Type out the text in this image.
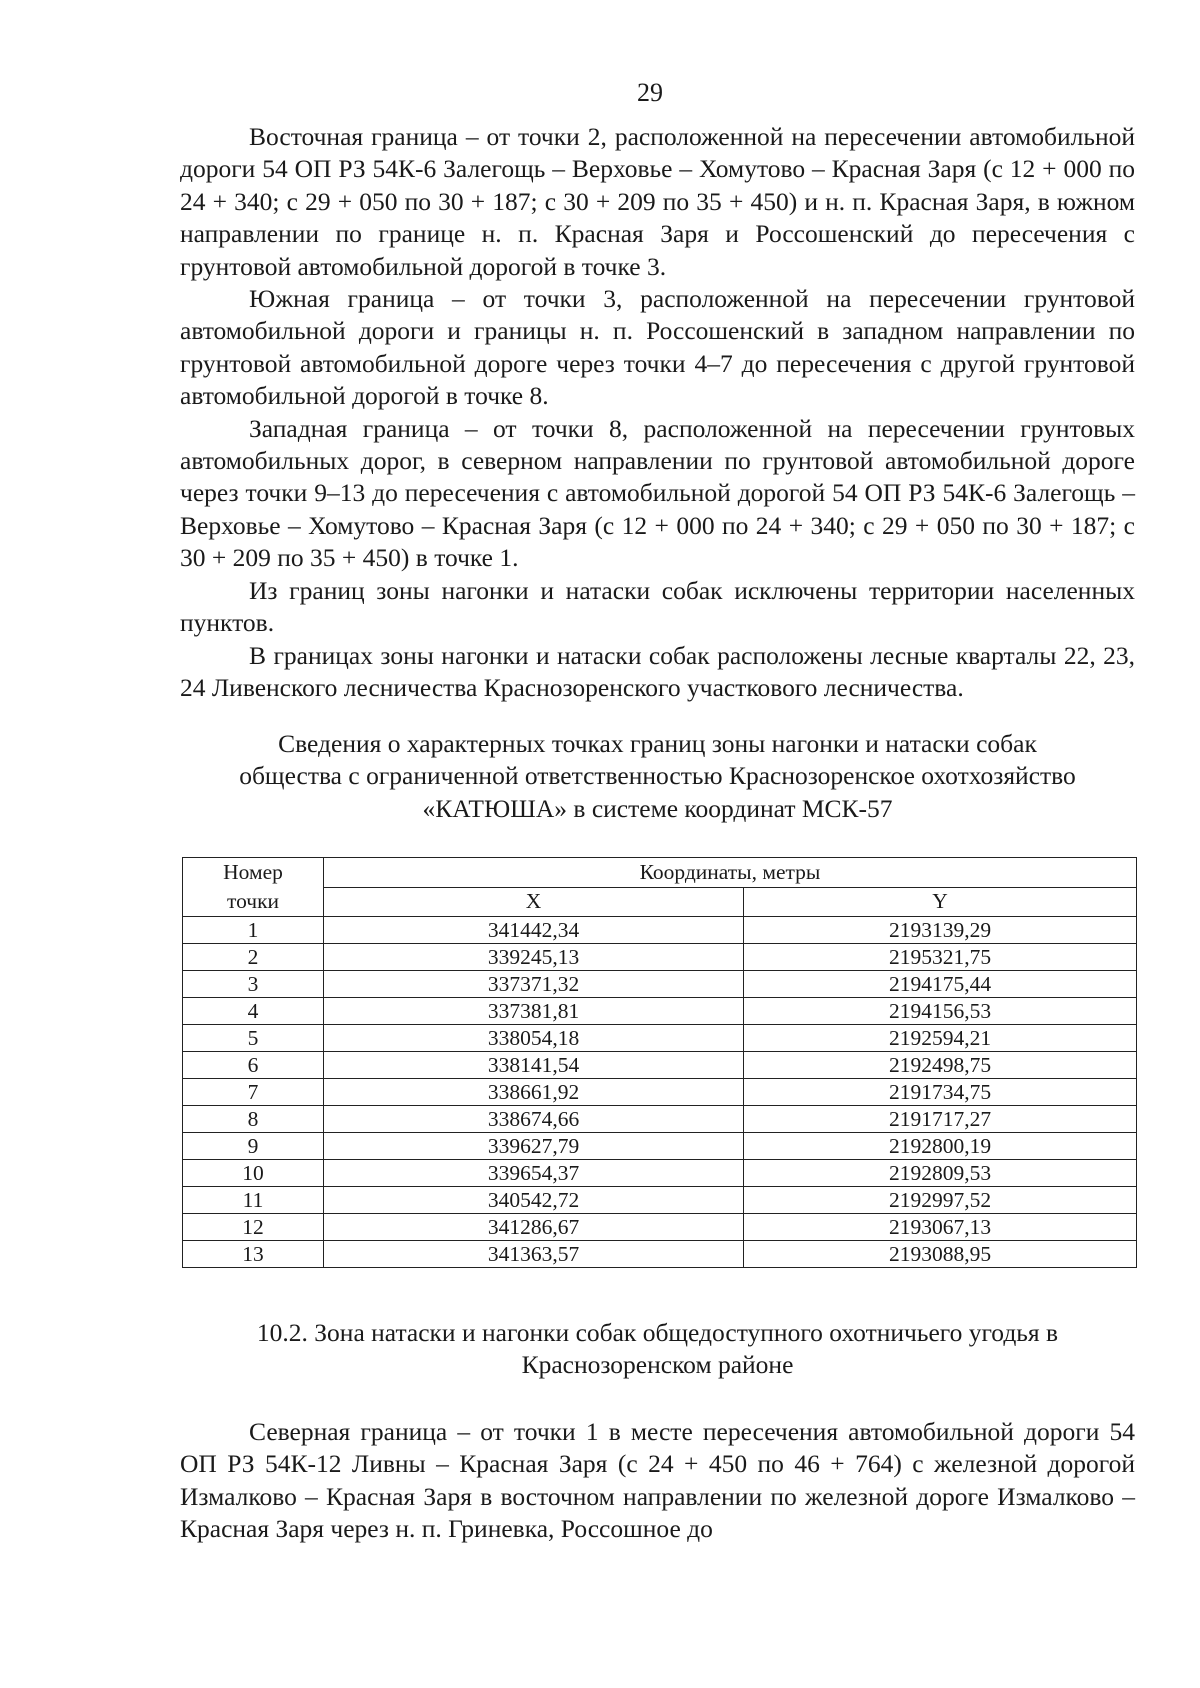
29

Восточная граница – от точки 2, расположенной на пересечении автомобильной дороги 54 ОП РЗ 54К-6 Залегощь – Верховье – Хомутово – Красная Заря (с 12 + 000 по 24 + 340; с 29 + 050 по 30 + 187; с 30 + 209 по 35 + 450) и н. п. Красная Заря, в южном направлении по границе н. п. Красная Заря и Россошенский до пересечения с грунтовой автомобильной дорогой в точке 3.

Южная граница – от точки 3, расположенной на пересечении грунтовой автомобильной дороги и границы н. п. Россошенский в западном направлении по грунтовой автомобильной дороге через точки 4–7 до пересечения с другой грунтовой автомобильной дорогой в точке 8.

Западная граница – от точки 8, расположенной на пересечении грунтовых автомобильных дорог, в северном направлении по грунтовой автомобильной дороге через точки 9–13 до пересечения с автомобильной дорогой 54 ОП РЗ 54К-6 Залегощь – Верховье – Хомутово – Красная Заря (с 12 + 000 по 24 + 340; с 29 + 050 по 30 + 187; с 30 + 209 по 35 + 450) в точке 1.

Из границ зоны нагонки и натаски собак исключены территории населенных пунктов.

В границах зоны нагонки и натаски собак расположены лесные кварталы 22, 23, 24 Ливенского лесничества Краснозоренского участкового лесничества.

Сведения о характерных точках границ зоны нагонки и натаски собак
общества с ограниченной ответственностью Краснозоренское охотхозяйство
«КАТЮША» в системе координат МСК-57
Номер
точки	Координаты, метры	
	X	Y
1	341442,34	2193139,29
2	339245,13	2195321,75
3	337371,32	2194175,44
4	337381,81	2194156,53
5	338054,18	2192594,21
6	338141,54	2192498,75
7	338661,92	2191734,75
8	338674,66	2191717,27
9	339627,79	2192800,19
10	339654,37	2192809,53
11	340542,72	2192997,52
12	341286,67	2193067,13
13	341363,57	2193088,95
10.2. Зона натаски и нагонки собак общедоступного охотничьего угодья в
Краснозоренском районе

Северная граница – от точки 1 в месте пересечения автомобильной дороги 54 ОП РЗ 54К-12 Ливны – Красная Заря (с 24 + 450 по 46 + 764) с железной дорогой Измалково – Красная Заря в восточном направлении по железной дороге Измалково – Красная Заря через н. п. Гриневка, Россошное до
